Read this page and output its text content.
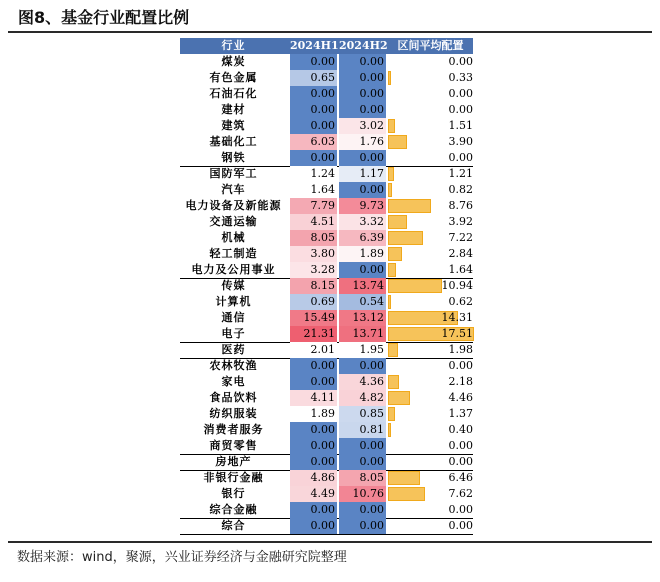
图8、基金行业配置比例
行业	2024H1 2024H2 区间平均配置
煤炭	0.00 0.00	0.00
有色金属	0.65 0.00	0.33
石油石化	0.00 0.00	0.00
建材	0.00 0.00	0.00
建筑	0.00 3.02	1.51
基础化工	6.03 1.76	3.90
钢铁	0.00 0.00	0.00
国防军工	1.24 1.17	1.21
汽车	1.64 0.00	0.82
电力设备及新能源	7.79 9.73	8.76
交通运输	4.51 3.32	3.92
机械	8.05 6.39	7.22
轻工制造	3.80 1.89	2.84
电力及公用事业	3.28 0.00	1.64
传媒	8.15 13.74	10.94
计算机	0.69 0.54	0.62
通信	15.49 13.12	14.31
电子	21.31 13.71	17.51
医药	2.01 1.95	1.98
农林牧渔	0.00 0.00	0.00
家电	0.00 4.36	2.18
食品饮料	4.11 4.82	4.46
纺织服装	1.89 0.85	1.37
消费者服务	0.00 0.81	0.40
商贸零售	0.00 0.00	0.00
房地产	0.00 0.00	0.00
非银行金融	4.86 8.05	6.46
银行	4.49 10.76	7.62
综合金融	0.00 0.00	0.00
综合	0.00 0.00	0.00
数据来源：wind，聚源，兴业证券经济与金融研究院整理
